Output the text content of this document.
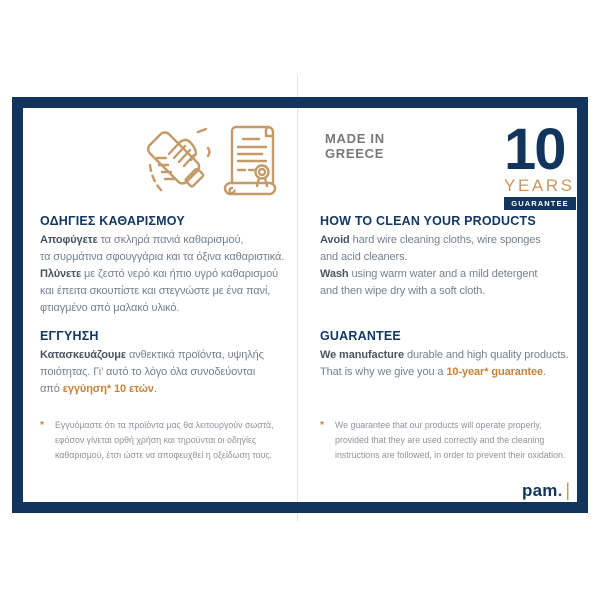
MADE IN
GREECE 10
YEARS
GUARANTEE
ΟΔΗΓΙΕΣ ΚΑΘΑΡΙΣΜΟΥ
Αποφύγετε τα σκληρά πανιά καθαρισμού,
τα συρμάτινα σφουγγάρια και τα όξινα καθαριστικά.
Πλύνετε με ζεστό νερό και ήπιο υγρό καθαρισμού
και έπειτα σκουπίστε και στεγνώστε με ένα πανί,
φτιαγμένο από μαλακό υλικό.
HOW TO CLEAN YOUR PRODUCTS
Avoid hard wire cleaning cloths, wire sponges
and acid cleaners.
Wash using warm water and a mild detergent
and then wipe dry with a soft cloth.
ΕΓΓΥΗΣΗ
Κατασκευάζουμε ανθεκτικά προϊόντα, υψηλής
ποιότητας. Γι’ αυτό το λόγο όλα συνοδεύονται
από εγγύηση* 10 ετών.
GUARANTEE
We manufacture durable and high quality products.
That is why we give you a 10-year* guarantee.
*	Εγγυόμαστε ότι τα προϊόντα μας θα λειτουργούν σωστά,
εφόσον γίνεται ορθή χρήση και τηρούνται οι οδηγίες
καθαρισμού, έτσι ώστε να αποφευχθεί η οξείδωση τους.
*	We guarantee that our products will operate properly,
provided that they are used correctly and the cleaning
instructions are followed, in order to prevent their oxidation.
pam. |
